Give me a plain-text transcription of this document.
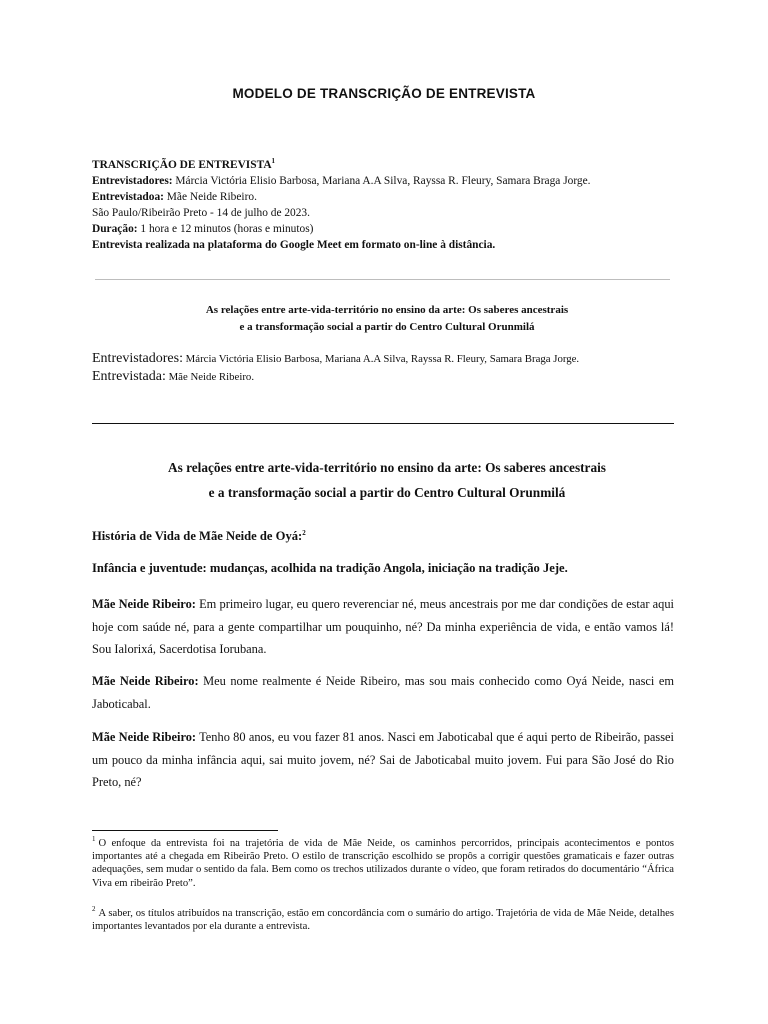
MODELO DE TRANSCRIÇÃO DE ENTREVISTA
TRANSCRIÇÃO DE ENTREVISTA$^1$
Entrevistadores: Márcia Victória Elisio Barbosa, Mariana A.A Silva, Rayssa R. Fleury, Samara Braga Jorge.
Entrevistadoa: Mãe Neide Ribeiro.
São Paulo/Ribeirão Preto - 14 de julho de 2023.
Duração: 1 hora e 12 minutos (horas e minutos)
Entrevista realizada na plataforma do Google Meet em formato on-line à distância.
As relações entre arte-vida-território no ensino da arte: Os saberes ancestrais
e a transformação social a partir do Centro Cultural Orunmilá
Entrevistadores: Márcia Victória Elisio Barbosa, Mariana A.A Silva, Rayssa R. Fleury, Samara Braga Jorge.
Entrevistada: Mãe Neide Ribeiro.
As relações entre arte-vida-território no ensino da arte: Os saberes ancestrais
e a transformação social a partir do Centro Cultural Orunmilá
História de Vida de Mãe Neide de Oyá:$^2$
Infância e juventude: mudanças, acolhida na tradição Angola, iniciação na tradição Jeje.
Mãe Neide Ribeiro: Em primeiro lugar, eu quero reverenciar né, meus ancestrais por me dar condições de estar aqui hoje com saúde né, para a gente compartilhar um pouquinho, né? Da minha experiência de vida, e então vamos lá! Sou Ialorixá, Sacerdotisa Iorubana.
Mãe Neide Ribeiro: Meu nome realmente é Neide Ribeiro, mas sou mais conhecido como Oyá Neide, nasci em Jaboticabal.
Mãe Neide Ribeiro: Tenho 80 anos, eu vou fazer 81 anos. Nasci em Jaboticabal que é aqui perto de Ribeirão, passei um pouco da minha infância aqui, sai muito jovem, né? Sai de Jaboticabal muito jovem. Fui para São José do Rio Preto, né?
$^1$ O enfoque da entrevista foi na trajetória de vida de Mãe Neide, os caminhos percorridos, principais acontecimentos e pontos importantes até a chegada em Ribeirão Preto. O estilo de transcrição escolhido se propôs a corrigir questões gramaticais e fazer outras adequações, sem mudar o sentido da fala. Bem como os trechos utilizados durante o vídeo, que foram retirados do documentário “África Viva em ribeirão Preto”.
$^2$ A saber, os títulos atribuídos na transcrição, estão em concordância com o sumário do artigo. Trajetória de vida de Mãe Neide, detalhes importantes levantados por ela durante a entrevista.
